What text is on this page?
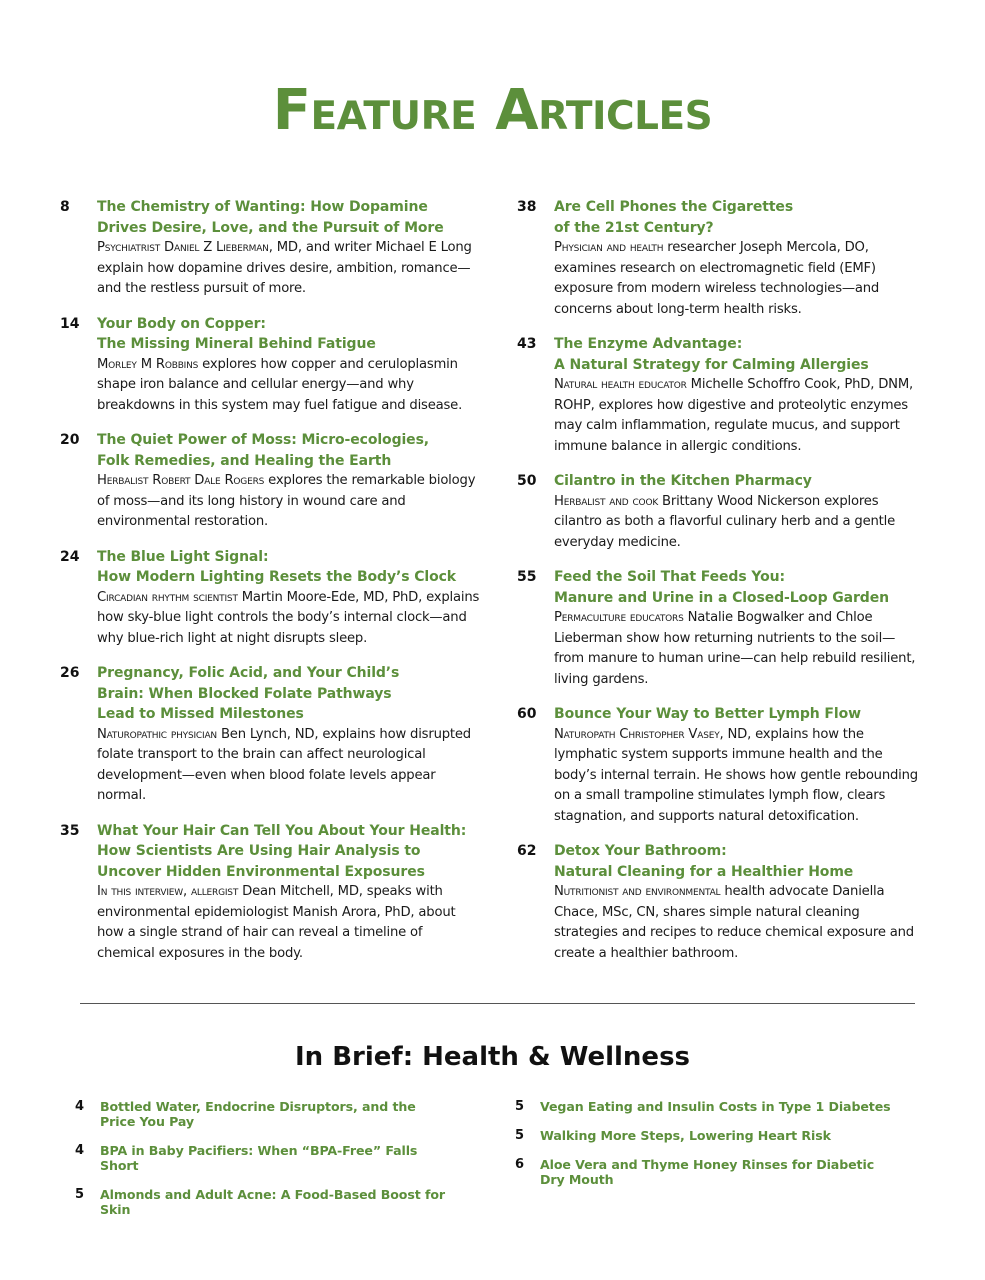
Feature Articles
8	The Chemistry of Wanting: How Dopamine
Drives Desire, Love, and the Pursuit of More
Psychiatrist Daniel Z Lieberman, MD, and writer Michael E Long explain how dopamine drives desire, ambition, romance—and the restless pursuit of more.
14	Your Body on Copper:
The Missing Mineral Behind Fatigue
Morley M Robbins explores how copper and ceruloplasmin shape iron balance and cellular energy—and why breakdowns in this system may fuel fatigue and disease.
20	The Quiet Power of Moss: Micro-ecologies,
Folk Remedies, and Healing the Earth
Herbalist Robert Dale Rogers explores the remarkable biology of moss—and its long history in wound care and environmental restoration.
24	The Blue Light Signal:
How Modern Lighting Resets the Body’s Clock
Circadian rhythm scientist Martin Moore-Ede, MD, PhD, explains how sky-blue light controls the body’s internal clock—and why blue-rich light at night disrupts sleep.
26	Pregnancy, Folic Acid, and Your Child’s
Brain: When Blocked Folate Pathways
Lead to Missed Milestones
Naturopathic physician Ben Lynch, ND, explains how disrupted folate transport to the brain can affect neurological development—even when blood folate levels appear normal.
35	What Your Hair Can Tell You About Your Health:
How Scientists Are Using Hair Analysis to
Uncover Hidden Environmental Exposures
In this interview, allergist Dean Mitchell, MD, speaks with environmental epidemiologist Manish Arora, PhD, about how a single strand of hair can reveal a timeline of chemical exposures in the body.
38	Are Cell Phones the Cigarettes
of the 21st Century?
Physician and health researcher Joseph Mercola, DO, examines research on electromagnetic field (EMF) exposure from modern wireless technologies—and concerns about long-term health risks.
43	The Enzyme Advantage:
A Natural Strategy for Calming Allergies
Natural health educator Michelle Schoffro Cook, PhD, DNM, ROHP, explores how digestive and proteolytic enzymes may calm inflammation, regulate mucus, and support immune balance in allergic conditions.
50	Cilantro in the Kitchen Pharmacy
Herbalist and cook Brittany Wood Nickerson explores cilantro as both a flavorful culinary herb and a gentle everyday medicine.
55	Feed the Soil That Feeds You:
Manure and Urine in a Closed-Loop Garden
Permaculture educators Natalie Bogwalker and Chloe Lieberman show how returning nutrients to the soil—from manure to human urine—can help rebuild resilient, living gardens.
60	Bounce Your Way to Better Lymph Flow
Naturopath Christopher Vasey, ND, explains how the lymphatic system supports immune health and the body’s internal terrain. He shows how gentle rebounding on a small trampoline stimulates lymph flow, clears stagnation, and supports natural detoxification.
62	Detox Your Bathroom:
Natural Cleaning for a Healthier Home
Nutritionist and environmental health advocate Daniella Chace, MSc, CN, shares simple natural cleaning strategies and recipes to reduce chemical exposure and create a healthier bathroom.
In Brief: Health & Wellness
4	Bottled Water, Endocrine Disruptors, and the Price You Pay
4	BPA in Baby Pacifiers: When “BPA-Free” Falls Short
5	Almonds and Adult Acne: A Food-Based Boost for Skin
5	Vegan Eating and Insulin Costs in Type 1 Diabetes
5	Walking More Steps, Lowering Heart Risk
6	Aloe Vera and Thyme Honey Rinses for Diabetic Dry Mouth
